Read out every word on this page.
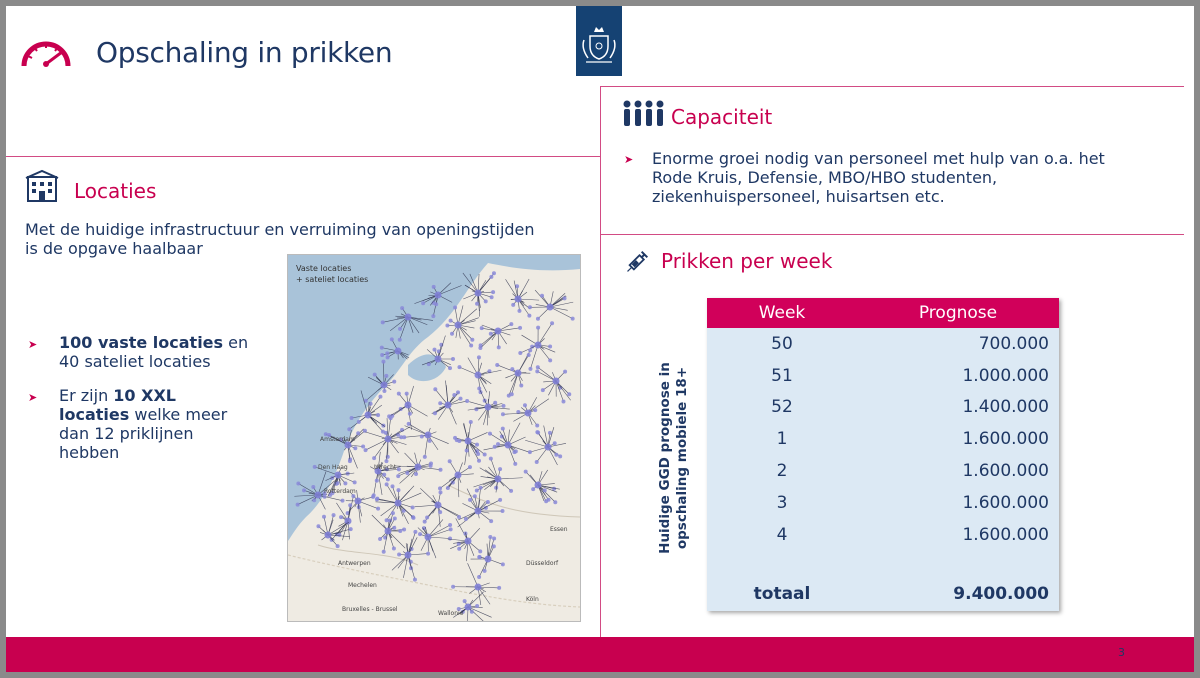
Opschaling in prikken
Locaties
Met de huidige infrastructuur en verruiming van openingstijden
is de opgave haalbaar
➤ 100 vaste locaties en
40 sateliet locaties
➤ Er zijn 10 XXL
locaties welke meer
dan 12 priklijnen
hebben
Vaste locaties
+ sateliet locaties
Amsterdam
Den Haag	Utrecht
Rotterdam
Antwerpen
Mechelen
Bruxelles - Brussel
Düsseldorf
Köln
Essen
Wallonie
Capaciteit
➤ Enorme groei nodig van personeel met hulp van o.a. het
Rode Kruis, Defensie, MBO/HBO studenten,
ziekenhuispersoneel, huisartsen etc.
Prikken per week
Huidige GGD prognose in opschaling mobiele 18+
Week	Prognose
50	700.000
51	1.000.000
52	1.400.000
1	1.600.000
2	1.600.000
3	1.600.000
4	1.600.000

totaal	9.400.000
3
